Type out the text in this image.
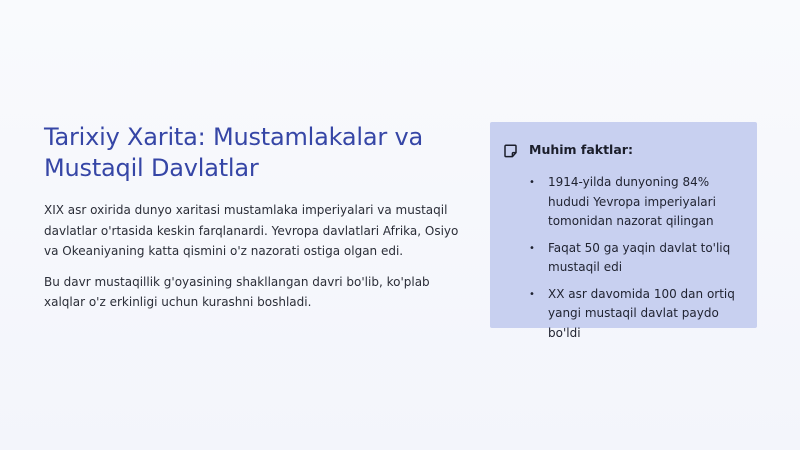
Tarixiy Xarita: Mustamlakalar va Mustaqil Davlatlar

XIX asr oxirida dunyo xaritasi mustamlaka imperiyalari va mustaqil davlatlar o'rtasida keskin farqlanardi. Yevropa davlatlari Afrika, Osiyo va Okeaniyaning katta qismini o'z nazorati ostiga olgan edi.

Bu davr mustaqillik g'oyasining shakllangan davri bo'lib, ko'plab xalqlar o'z erkinligi uchun kurashni boshladi.

Muhim faktlar:
• 1914-yilda dunyoning 84% hududi Yevropa imperiyalari tomonidan nazorat qilingan
• Faqat 50 ga yaqin davlat to'liq mustaqil edi
• XX asr davomida 100 dan ortiq yangi mustaqil davlat paydo bo'ldi
